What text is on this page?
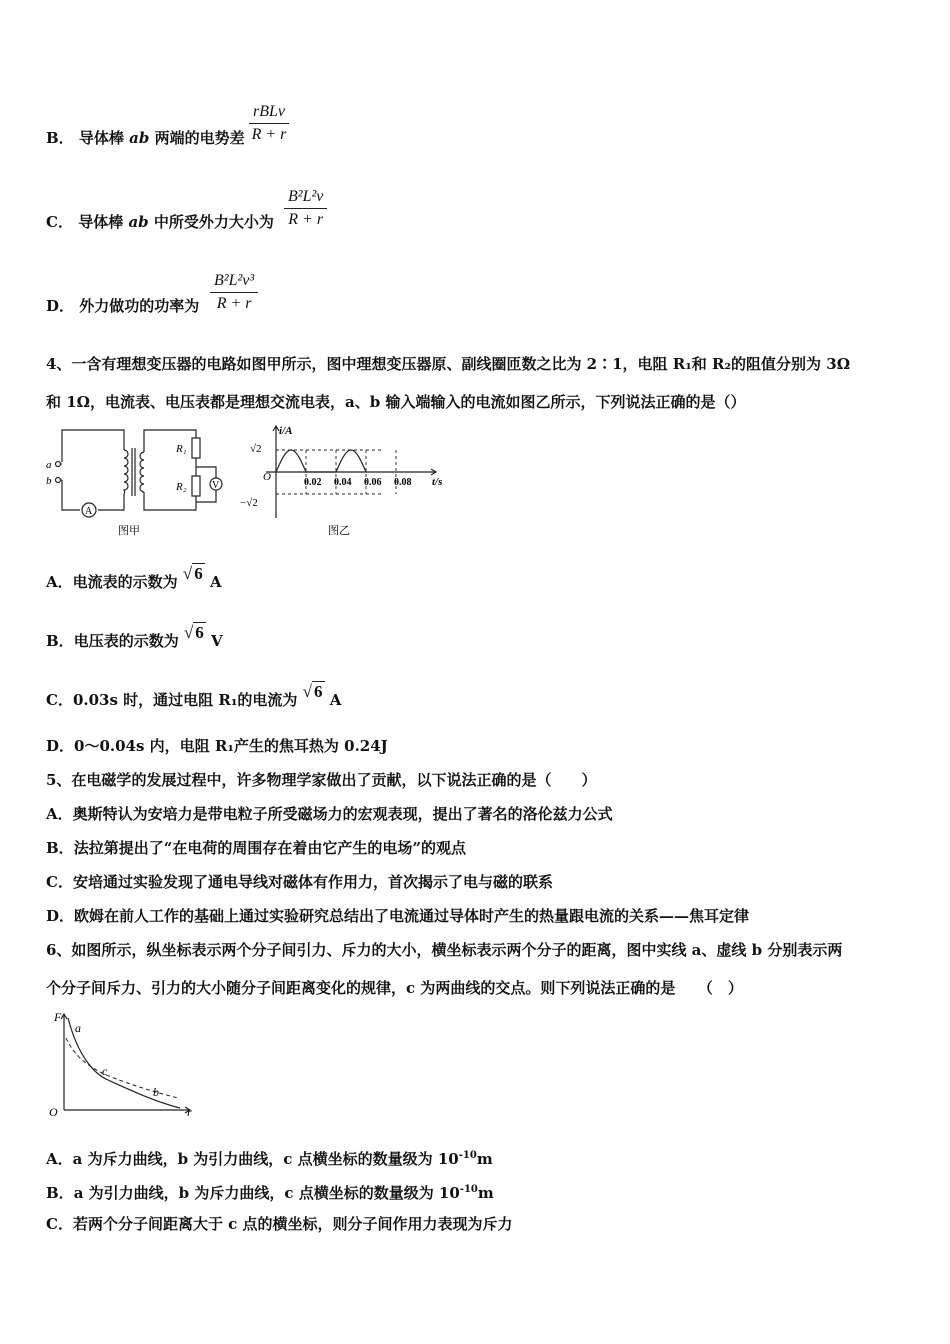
B． 导体棒 ab 两端的电势差
rBLv
R + r
C． 导体棒 ab 中所受外力大小为 $\frac{\text{B²L²v}}{R + r}$
D． 外力做功的功率为 $\frac{\text{B²L²v³}}{R + r}$
4、一含有理想变压器的电路如图甲所示，图中理想变压器原、副线圈匝数之比为 2∶1，电阻 R₁和 R₂的阻值分别为 3Ω
和 1Ω，电流表、电压表都是理想交流电表，a、b 输入端输入的电流如图乙所示，下列说法正确的是（）
a
b
R₁
R₂
A
V
图甲
i/A
t/s
O
√2
−√2
0.02 0.04 0.06 0.08
图乙
A．电流表的示数为 √ 6 A
B．电压表的示数为 √ 6 V
C．0.03s 时，通过电阻 R₁的电流为 √ 6 A
D．0～0.04s 内，电阻 R₁产生的焦耳热为 0.24J
5、在电磁学的发展过程中，许多物理学家做出了贡献，以下说法正确的是（　　）
A．奥斯特认为安培力是带电粒子所受磁场力的宏观表现，提出了著名的洛伦兹力公式
B．法拉第提出了“在电荷的周围存在着由它产生的电场”的观点
C．安培通过实验发现了通电导线对磁体有作用力，首次揭示了电与磁的联系
D．欧姆在前人工作的基础上通过实验研究总结出了电流通过导体时产生的热量跟电流的关系——焦耳定律
6、如图所示，纵坐标表示两个分子间引力、斥力的大小，横坐标表示两个分子的距离，图中实线 a、虚线 b 分别表示两
个分子间斥力、引力的大小随分子间距离变化的规律，c 为两曲线的交点。则下列说法正确的是　　（　）
F
r
O
a
b
c
A．a 为斥力曲线，b 为引力曲线，c 点横坐标的数量级为 $10^{-10}m$
B．a 为引力曲线，b 为斥力曲线，c 点横坐标的数量级为 $10^{-10}m$
C．若两个分子间距离大于 c 点的横坐标，则分子间作用力表现为斥力
